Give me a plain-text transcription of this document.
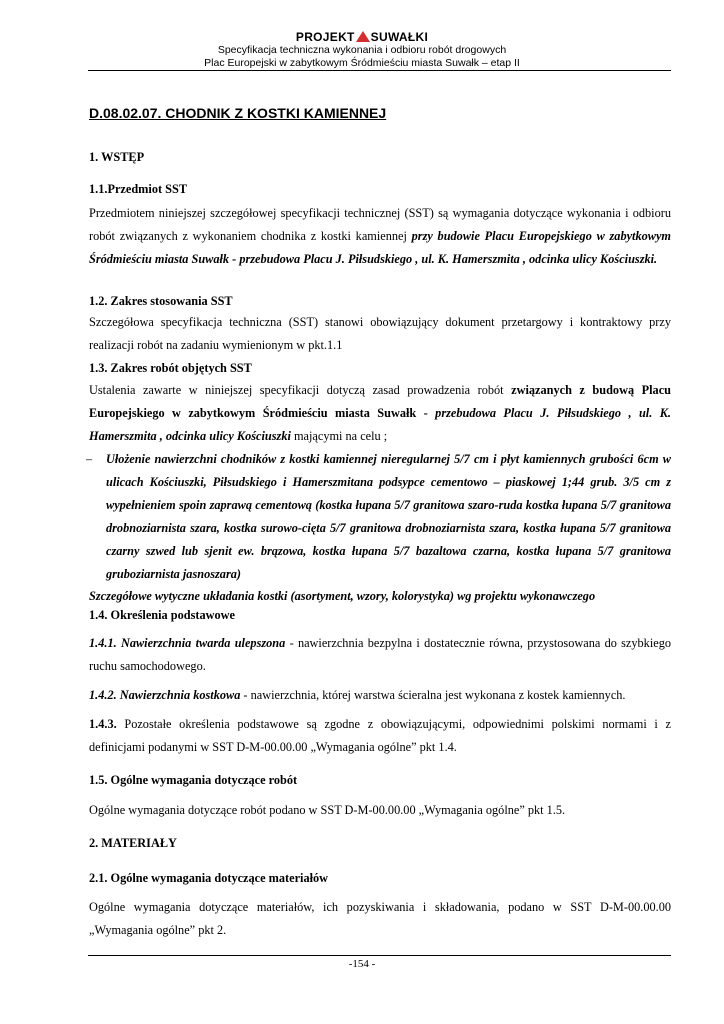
PROJEKT SUWAŁKI
Specyfikacja techniczna wykonania i odbioru robót drogowych
Plac Europejski w zabytkowym Śródmieściu miasta Suwałk – etap II
D.08.02.07. CHODNIK Z KOSTKI KAMIENNEJ
1. WSTĘP
1.1.Przedmiot SST

Przedmiotem niniejszej szczegółowej specyfikacji technicznej (SST) są wymagania dotyczące wykonania i odbioru robót związanych z wykonaniem chodnika z kostki kamiennej przy budowie Placu Europejskiego w zabytkowym Śródmieściu miasta Suwałk - przebudowa Placu J. Piłsudskiego , ul. K. Hamerszmita , odcinka ulicy Kościuszki.

1.2. Zakres stosowania SST

Szczegółowa specyfikacja techniczna (SST) stanowi obowiązujący dokument przetargowy i kontraktowy przy realizacji robót na zadaniu wymienionym w pkt.1.1

1.3. Zakres robót objętych SST

Ustalenia zawarte w niniejszej specyfikacji dotyczą zasad prowadzenia robót związanych z budową Placu Europejskiego w zabytkowym Śródmieściu miasta Suwałk - przebudowa Placu J. Piłsudskiego , ul. K. Hamerszmita , odcinka ulicy Kościuszki mającymi na celu ;

– Ułożenie nawierzchni chodników z kostki kamiennej nieregularnej 5/7 cm i płyt kamiennych grubości 6cm w ulicach Kościuszki, Piłsudskiego i Hamerszmitana podsypce cementowo – piaskowej 1;44 grub. 3/5 cm z wypełnieniem spoin zaprawą cementową (kostka łupana 5/7 granitowa szaro-ruda kostka łupana 5/7 granitowa drobnoziarnista szara, kostka surowo-cięta 5/7 granitowa drobnoziarnista szara, kostka łupana 5/7 granitowa czarny szwed lub sjenit ew. brązowa, kostka łupana 5/7 bazaltowa czarna, kostka łupana 5/7 granitowa gruboziarnista jasnoszara)

Szczegółowe wytyczne układania kostki (asortyment, wzory, kolorystyka) wg projektu wykonawczego

1.4. Określenia podstawowe

1.4.1. Nawierzchnia twarda ulepszona - nawierzchnia bezpylna i dostatecznie równa, przystosowana do szybkiego ruchu samochodowego.

1.4.2. Nawierzchnia kostkowa - nawierzchnia, której warstwa ścieralna jest wykonana z kostek kamiennych.

1.4.3. Pozostałe określenia podstawowe są zgodne z obowiązującymi, odpowiednimi polskimi normami i z definicjami podanymi w SST D-M-00.00.00 „Wymagania ogólne” pkt 1.4.

1.5. Ogólne wymagania dotyczące robót

Ogólne wymagania dotyczące robót podano w SST D-M-00.00.00 „Wymagania ogólne” pkt 1.5.

2. MATERIAŁY
2.1. Ogólne wymagania dotyczące materiałów

Ogólne wymagania dotyczące materiałów, ich pozyskiwania i składowania, podano w SST D-M-00.00.00 „Wymagania ogólne” pkt 2.

-154 -
